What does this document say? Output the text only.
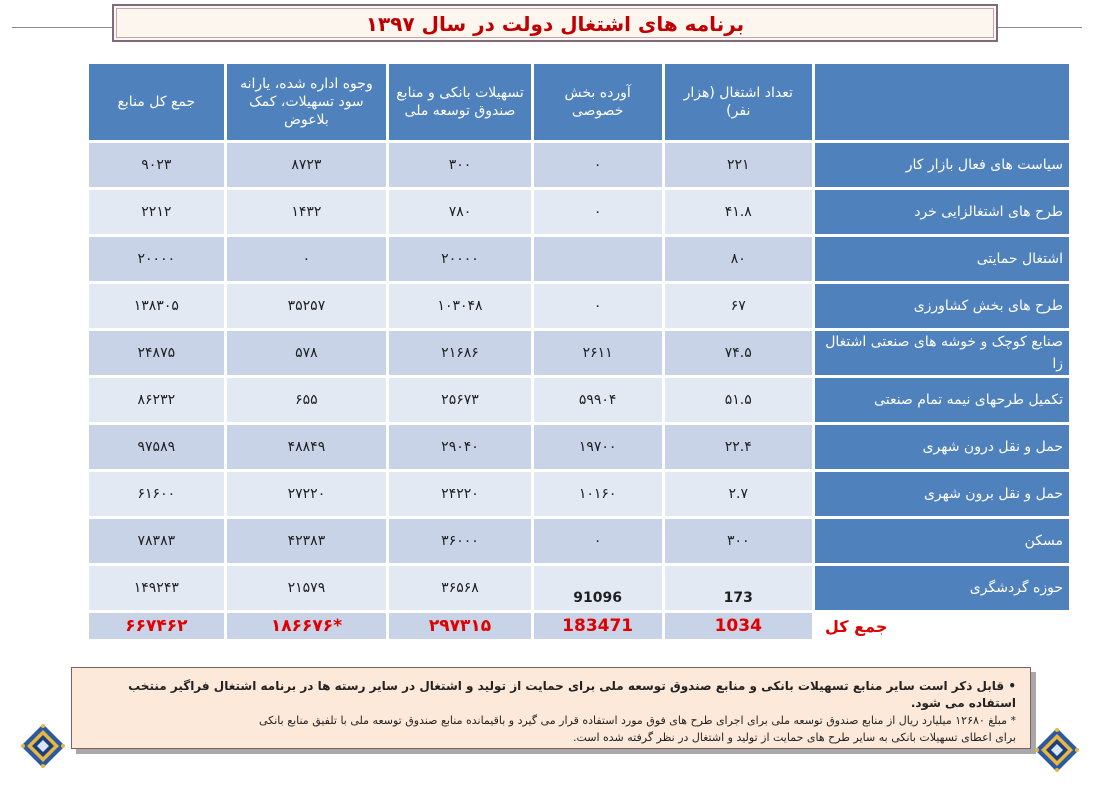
برنامه های اشتغال دولت در سال ۱۳۹۷
جمع کل منابع	وجوه اداره شده، یارانه سود تسهیلات، کمک بلاعوض	تسهیلات بانکی و منابع صندوق توسعه ملی	آورده بخش خصوصی	تعداد اشتغال (هزار نفر)	
۹۰۲۳	۸۷۲۳	۳۰۰	۰	۲۲۱	سیاست های فعال بازار کار
۲۲۱۲	۱۴۳۲	۷۸۰	۰	۴۱.۸	طرح های اشتغالزایی خرد
۲۰۰۰۰	۰	۲۰۰۰۰		۸۰	اشتغال حمایتی
۱۳۸۳۰۵	۳۵۲۵۷	۱۰۳۰۴۸	۰	۶۷	طرح های بخش کشاورزی
۲۴۸۷۵	۵۷۸	۲۱۶۸۶	۲۶۱۱	۷۴.۵	صنایع کوچک و خوشه های صنعتی اشتغال زا
۸۶۲۳۲	۶۵۵	۲۵۶۷۳	۵۹۹۰۴	۵۱.۵	تکمیل طرحهای نیمه تمام صنعتی
۹۷۵۸۹	۴۸۸۴۹	۲۹۰۴۰	۱۹۷۰۰	۲۲.۴	حمل و نقل درون شهری
۶۱۶۰۰	۲۷۲۲۰	۲۴۲۲۰	۱۰۱۶۰	۲.۷	حمل و نقل برون شهری
۷۸۳۸۳	۴۲۳۸۳	۳۶۰۰۰	۰	۳۰۰	مسکن
۱۴۹۲۴۳	۲۱۵۷۹	۳۶۵۶۸	91096	173	حوزه گردشگری
۶۶۷۴۶۲	۱۸۶۶۷۶*	۲۹۷۳۱۵	183471	1034	جمع کل
• قابل ذکر است سایر منابع تسهیلات بانکی و منابع صندوق توسعه ملی برای حمایت از تولید و اشتغال در سایر رسته ها در برنامه اشتغال فراگیر منتخب استفاده می شود.
* مبلغ ۱۲۶۸۰ میلیارد ریال از منابع صندوق توسعه ملی برای اجرای طرح های فوق مورد استفاده قرار می گیرد و باقیمانده منابع صندوق توسعه ملی با تلفیق منابع بانکی
برای اعطای تسهیلات بانکی به سایر طرح های حمایت از تولید و اشتغال در نظر گرفته شده است.
